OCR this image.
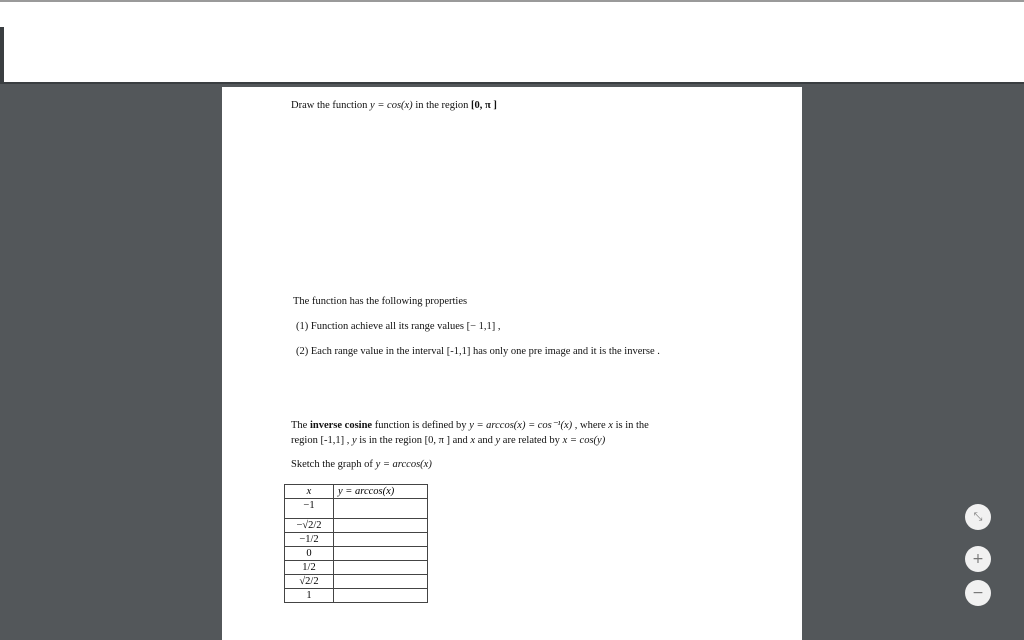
Draw the function y = cos(x) in the region [0, π ]
The function has the following properties
(1) Function achieve all its range values [− 1,1] ,
(2) Each range value in the interval [-1,1] has only one pre image and it is the inverse .
The inverse cosine function is defined by y = arccos(x) = cos⁻¹(x) , where x is in the
region [-1,1] , y is in the region [0, π ] and x and y are related by x = cos(y)
Sketch the graph of y = arccos(x)
x	y = arccos(x)
−1	
−√2/2	
−1/2	
0	
1/2	
√2/2	
1	
⤡
+
−
